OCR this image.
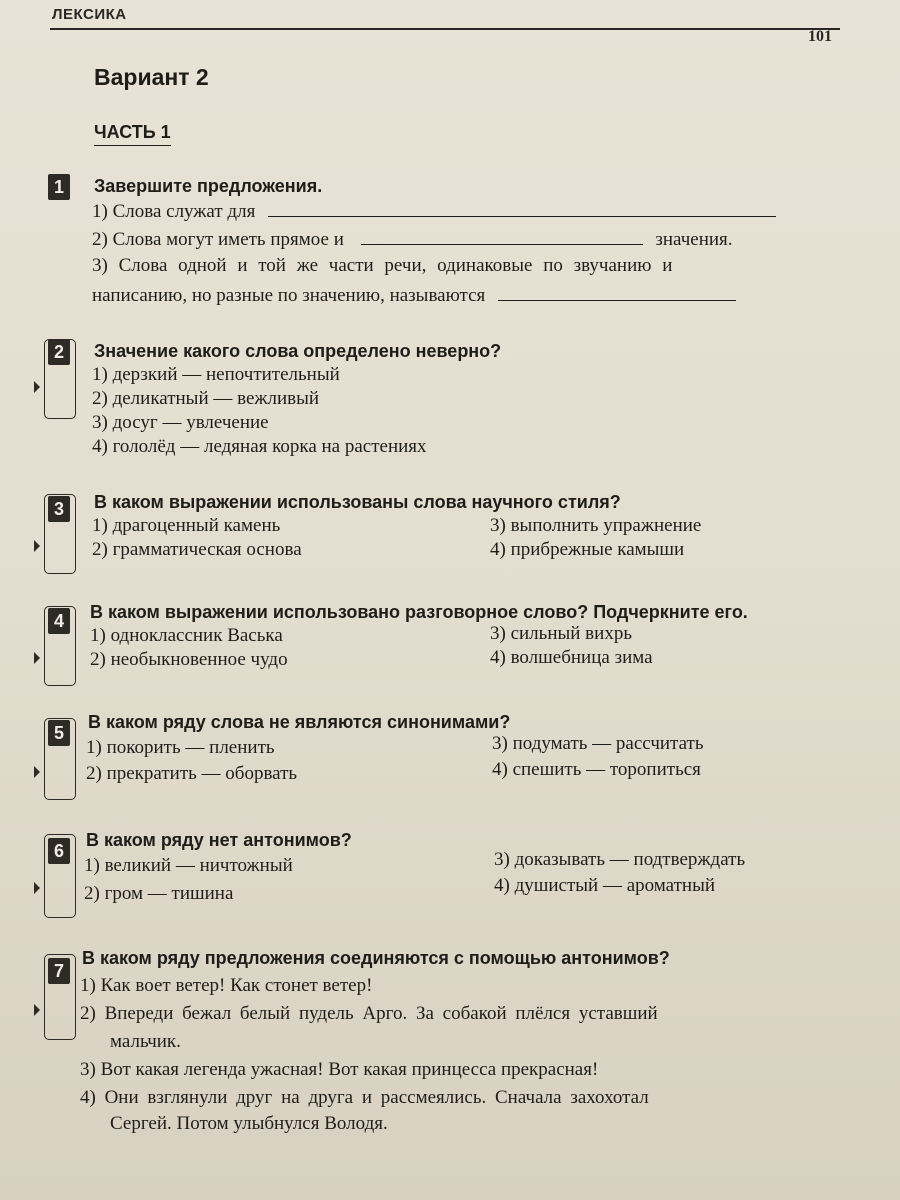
ЛЕКСИКА
101
Вариант 2
ЧАСТЬ 1
1	Завершите предложения.
1) Слова служат для
2) Слова могут иметь прямое и	значения.
3) Слова одной и той же части речи, одинаковые по звучанию и
написанию, но разные по значению, называются
2	Значение какого слова определено неверно?
1) дерзкий — непочтительный
2) деликатный — вежливый
3) досуг — увлечение
4) гололёд — ледяная корка на растениях
3	В каком выражении использованы слова научного стиля?
1) драгоценный камень
2) грамматическая основа
3) выполнить упражнение
4) прибрежные камыши
4	В каком выражении использовано разговорное слово? Подчеркните его.
1) одноклассник Васька
2) необыкновенное чудо
3) сильный вихрь
4) волшебница зима
5
В каком ряду слова не являются синонимами?
1) покорить — пленить
2) прекратить — оборвать
3) подумать — рассчитать
4) спешить — торопиться
6
В каком ряду нет антонимов?
1) великий — ничтожный
2) гром — тишина
3) доказывать — подтверждать
4) душистый — ароматный
7
В каком ряду предложения соединяются с помощью антонимов?
1) Как воет ветер! Как стонет ветер!
2) Впереди бежал белый пудель Арго. За собакой плёлся уставший
мальчик.
3) Вот какая легенда ужасная! Вот какая принцесса прекрасная!
4) Они взглянули друг на друга и рассмеялись. Сначала захохотал
Сергей. Потом улыбнулся Володя.
